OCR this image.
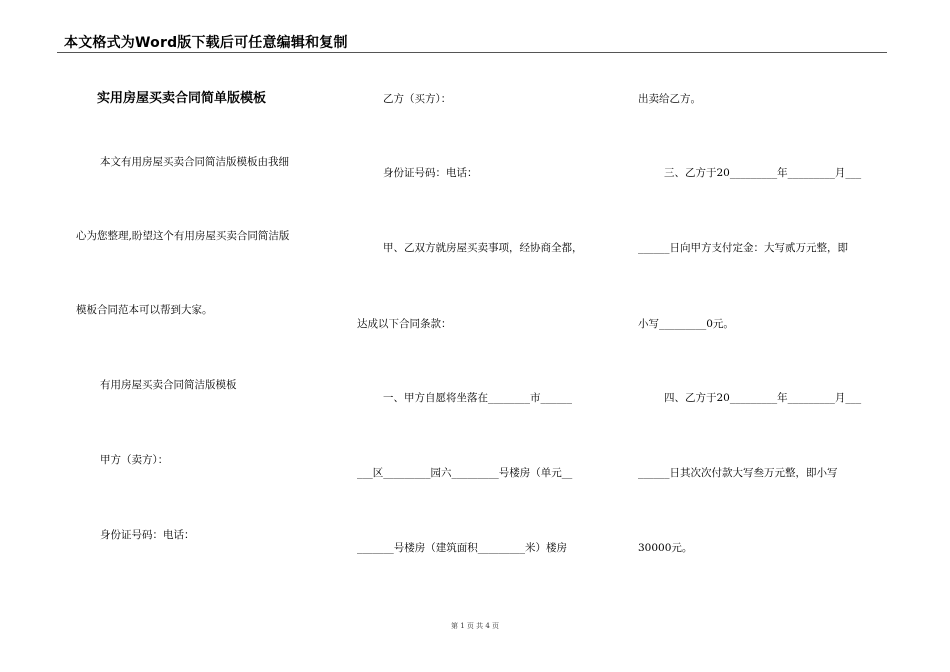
本文格式为Word版下载后可任意编辑和复制
实用房屋买卖合同简单版模板
本文有用房屋买卖合同简洁版模板由我细
心为您整理,盼望这个有用房屋买卖合同简洁版
模板合同范本可以帮到大家。
有用房屋买卖合同简洁版模板
甲方（卖方）：
身份证号码：电话：
乙方（买方）：
身份证号码：电话：
甲、乙双方就房屋买卖事项，经协商全都，
达成以下合同条款：
一、甲方自愿将坐落在________市______
___区_________园六_________号楼房（单元__
_______号楼房（建筑面积_________米）楼房
出卖给乙方。
三、乙方于20_________年_________月___
______日向甲方支付定金：大写贰万元整，即
小写_________0元。
四、乙方于20_________年_________月___
______日其次次付款大写叁万元整，即小写
30000元。
第 1 页 共 4 页
